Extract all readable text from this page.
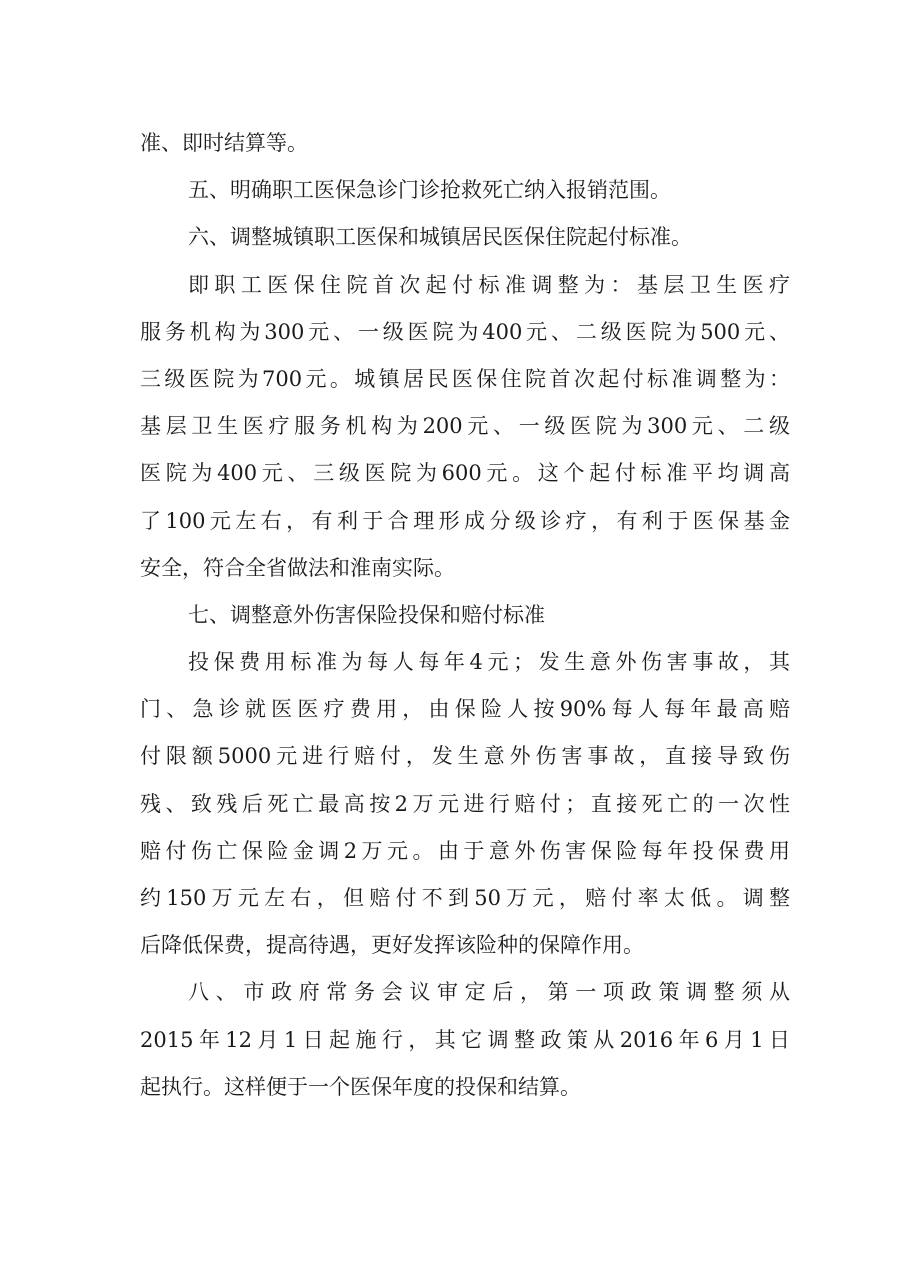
准、即时结算等。
五、明确职工医保急诊门诊抢救死亡纳入报销范围。
六、调整城镇职工医保和城镇居民医保住院起付标准。
即职工医保住院首次起付标准调整为：基层卫生医疗
服务机构为300元、一级医院为400元、二级医院为500元、
三级医院为700元。城镇居民医保住院首次起付标准调整为：
基层卫生医疗服务机构为200元、一级医院为300元、二级
医院为400元、三级医院为600元。这个起付标准平均调高
了100元左右，有利于合理形成分级诊疗，有利于医保基金
安全，符合全省做法和淮南实际。
七、调整意外伤害保险投保和赔付标准
投保费用标准为每人每年4元；发生意外伤害事故，其
门、急诊就医医疗费用，由保险人按90%每人每年最高赔
付限额5000元进行赔付，发生意外伤害事故，直接导致伤
残、致残后死亡最高按2万元进行赔付；直接死亡的一次性
赔付伤亡保险金调2万元。由于意外伤害保险每年投保费用
约150万元左右，但赔付不到50万元，赔付率太低。调整
后降低保费，提高待遇，更好发挥该险种的保障作用。
八、市政府常务会议审定后，第一项政策调整须从
2015年12月1日起施行，其它调整政策从2016年6月1日
起执行。这样便于一个医保年度的投保和结算。
